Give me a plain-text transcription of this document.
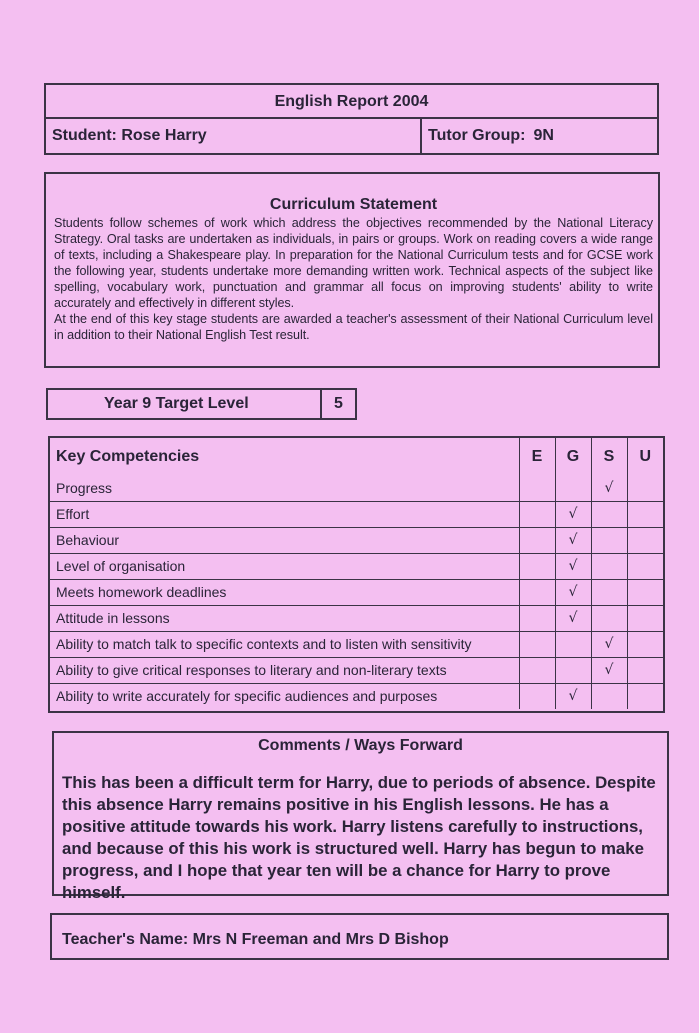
English Report 2004
Student: Rose Harry	Tutor Group: 9N
Curriculum Statement

Students follow schemes of work which address the objectives recommended by the National Literacy Strategy. Oral tasks are undertaken as individuals, in pairs or groups. Work on reading covers a wide range of texts, including a Shakespeare play. In preparation for the National Curriculum tests and for GCSE work the following year, students undertake more demanding written work. Technical aspects of the subject like spelling, vocabulary work, punctuation and grammar all focus on improving students' ability to write accurately and effectively in different styles.

At the end of this key stage students are awarded a teacher's assessment of their National Curriculum level in addition to their National English Test result.

Year 9 Target Level	5
Key Competencies	E	G	S	U
Progress			√	
Effort		√		
Behaviour		√		
Level of organisation		√		
Meets homework deadlines		√		
Attitude in lessons		√		
Ability to match talk to specific contexts and to listen with sensitivity			√	
Ability to give critical responses to literary and non-literary texts			√	
Ability to write accurately for specific audiences and purposes		√		
Comments / Ways Forward

This has been a difficult term for Harry, due to periods of absence. Despite this absence Harry remains positive in his English lessons. He has a positive attitude towards his work. Harry listens carefully to instructions, and because of this his work is structured well. Harry has begun to make progress, and I hope that year ten will be a chance for Harry to prove himself.

Teacher's Name: Mrs N Freeman and Mrs D Bishop
